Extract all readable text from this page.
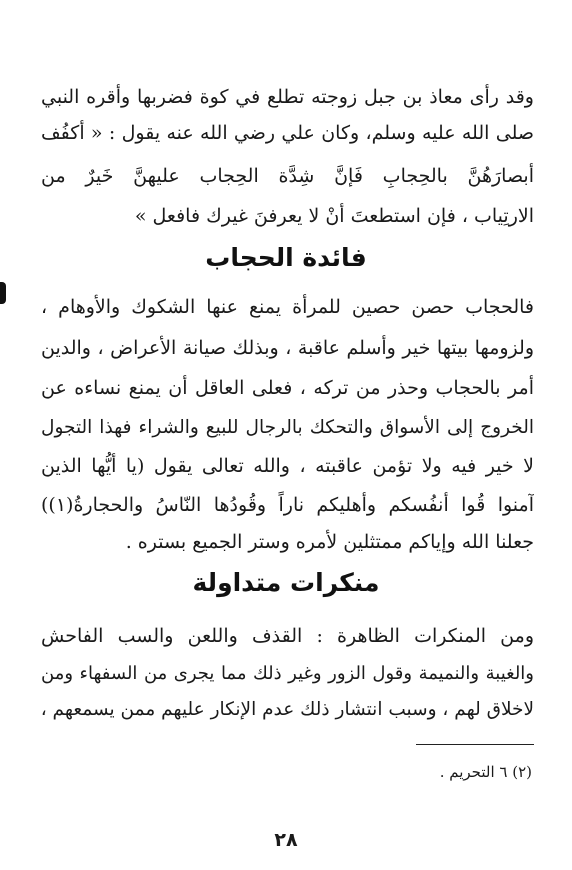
وقد رأى معاذ بن جبل زوجته تطلع في كوة فضربها وأقره النبي
صلى الله عليه وسلم، وكان علي رضي الله عنه يقول : « أكفُف
أبصارَهُنَّ بالحِجابِ فَإنَّ شِدَّة الحِجاب عليهنَّ خَيرٌ من
الارتِياب ، فإن استطعتَ أنْ لا يعرفنَ غيرك فافعل »
فائدة الحجاب
فالحجاب حصن حصين للمرأة يمنع عنها الشكوك والأوهام ،
ولزومها بيتها خير وأسلم عاقبة ، وبذلك صيانة الأعراض ، والدين
أمر بالحجاب وحذر من تركه ، فعلى العاقل أن يمنع نساءه عن
الخروج إلى الأسواق والتحكك بالرجال للبيع والشراء فهذا التجول
لا خير فيه ولا تؤمن عاقبته ، والله تعالى يقول (يا أيُّها الذين
آمنوا قُوا أنفُسكم وأهليكم ناراً وقُودُها النّاسُ والحجارةُ(١))
جعلنا الله وإياكم ممتثلين لأمره وستر الجميع بستره .
منكرات متداولة
ومن المنكرات الظاهرة : القذف واللعن والسب الفاحش
والغيبة والنميمة وقول الزور وغير ذلك مما يجرى من السفهاء ومن
لاخلاق لهم ، وسبب انتشار ذلك عدم الإنكار عليهم ممن يسمعهم ،
(٢) ٦ التحريم .
٢٨
